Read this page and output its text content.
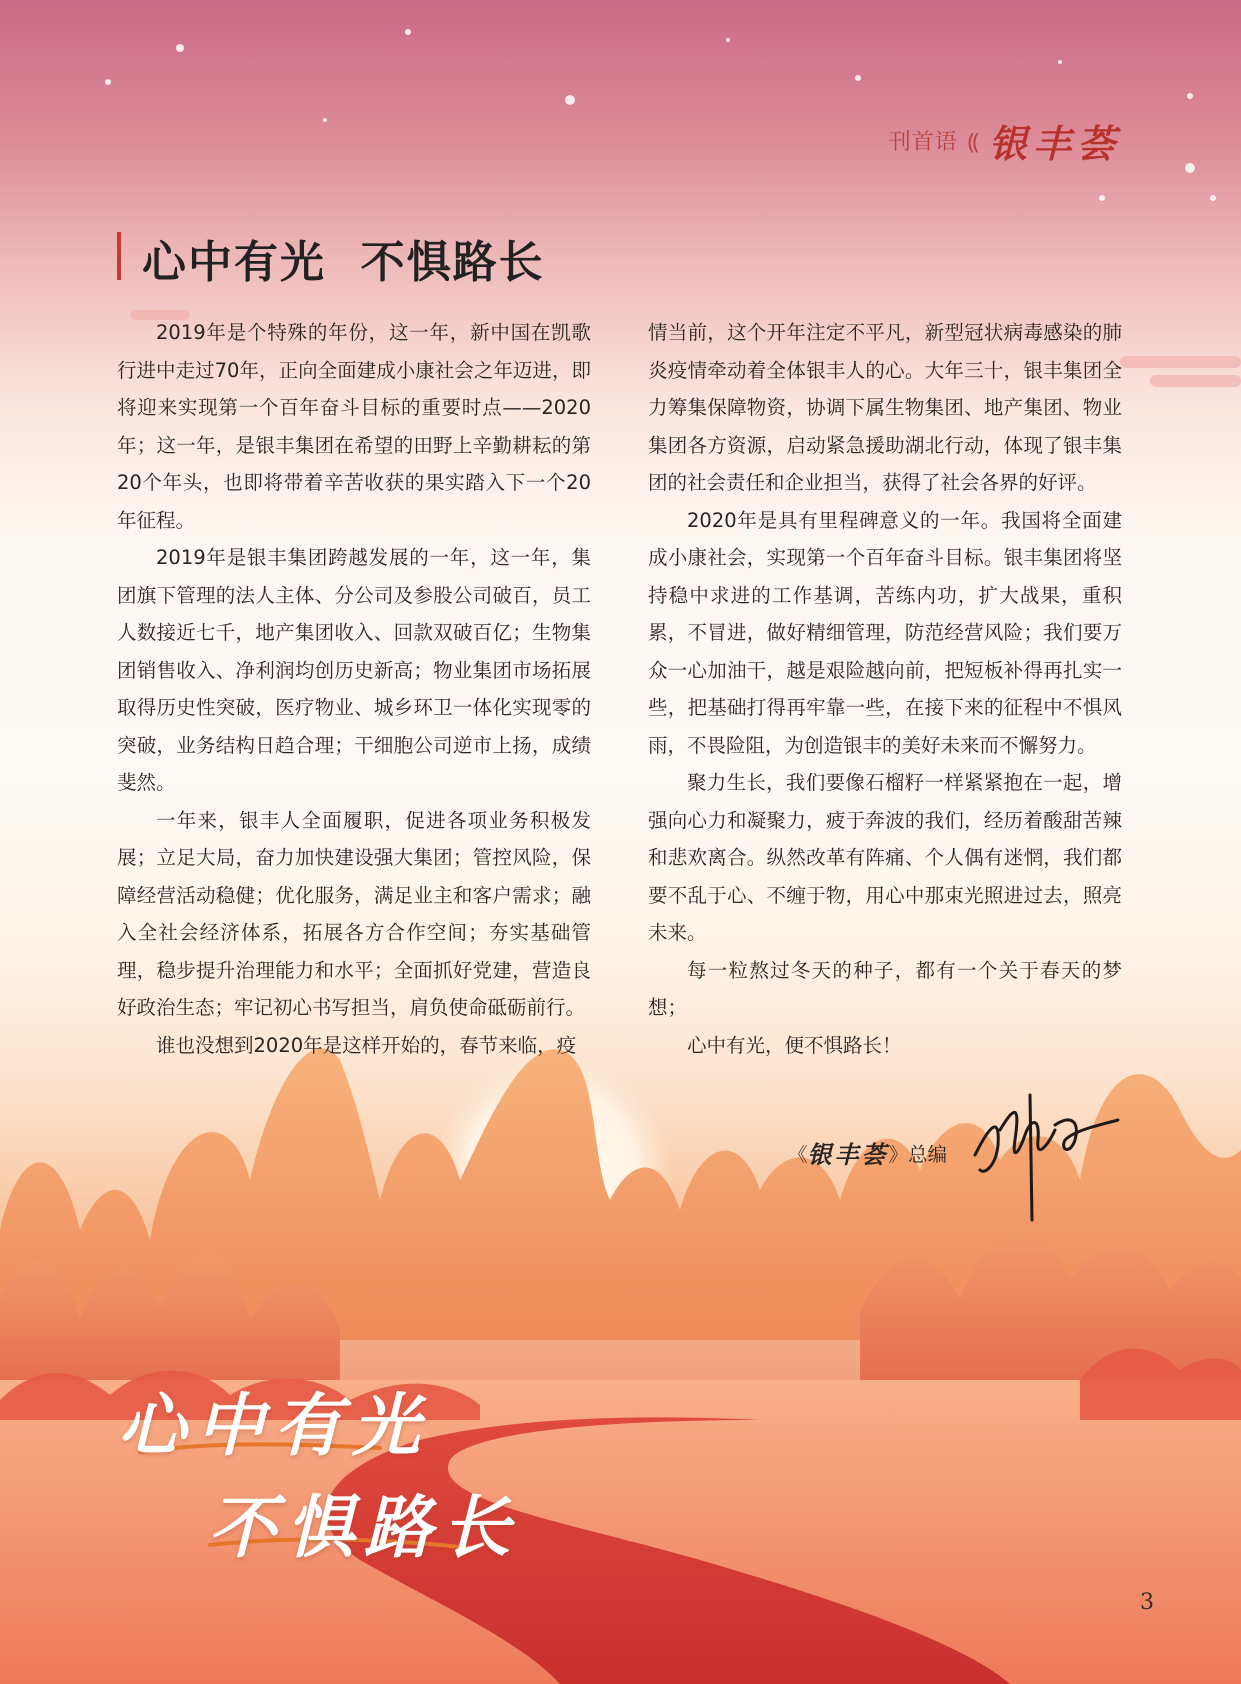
刊首语 ⸨ 银丰荟
心中有光  不惧路长

2019年是个特殊的年份，这一年，新中国在凯歌行进中走过70年，正向全面建成小康社会之年迈进，即将迎来实现第一个百年奋斗目标的重要时点——2020年；这一年，是银丰集团在希望的田野上辛勤耕耘的第20个年头，也即将带着辛苦收获的果实踏入下一个20年征程。

2019年是银丰集团跨越发展的一年，这一年，集团旗下管理的法人主体、分公司及参股公司破百，员工人数接近七千，地产集团收入、回款双破百亿；生物集团销售收入、净利润均创历史新高；物业集团市场拓展取得历史性突破，医疗物业、城乡环卫一体化实现零的突破，业务结构日趋合理；干细胞公司逆市上扬，成绩斐然。

一年来，银丰人全面履职，促进各项业务积极发展；立足大局，奋力加快建设强大集团；管控风险，保障经营活动稳健；优化服务，满足业主和客户需求；融入全社会经济体系，拓展各方合作空间；夯实基础管理，稳步提升治理能力和水平；全面抓好党建，营造良好政治生态；牢记初心书写担当，肩负使命砥砺前行。

谁也没想到2020年是这样开始的，春节来临，疫

情当前，这个开年注定不平凡，新型冠状病毒感染的肺炎疫情牵动着全体银丰人的心。大年三十，银丰集团全力筹集保障物资，协调下属生物集团、地产集团、物业集团各方资源，启动紧急援助湖北行动，体现了银丰集团的社会责任和企业担当，获得了社会各界的好评。

2020年是具有里程碑意义的一年。我国将全面建成小康社会，实现第一个百年奋斗目标。银丰集团将坚持稳中求进的工作基调，苦练内功，扩大战果，重积累，不冒进，做好精细管理，防范经营风险；我们要万众一心加油干，越是艰险越向前，把短板补得再扎实一些，把基础打得再牢靠一些，在接下来的征程中不惧风雨，不畏险阻，为创造银丰的美好未来而不懈努力。

聚力生长，我们要像石榴籽一样紧紧抱在一起，增强向心力和凝聚力，疲于奔波的我们，经历着酸甜苦辣和悲欢离合。纵然改革有阵痛、个人偶有迷惘，我们都要不乱于心、不缠于物，用心中那束光照进过去，照亮未来。

每一粒熬过冬天的种子，都有一个关于春天的梦想；

心中有光，便不惧路长！

《 银丰荟 》总编
心中有光
不惧路长
3
